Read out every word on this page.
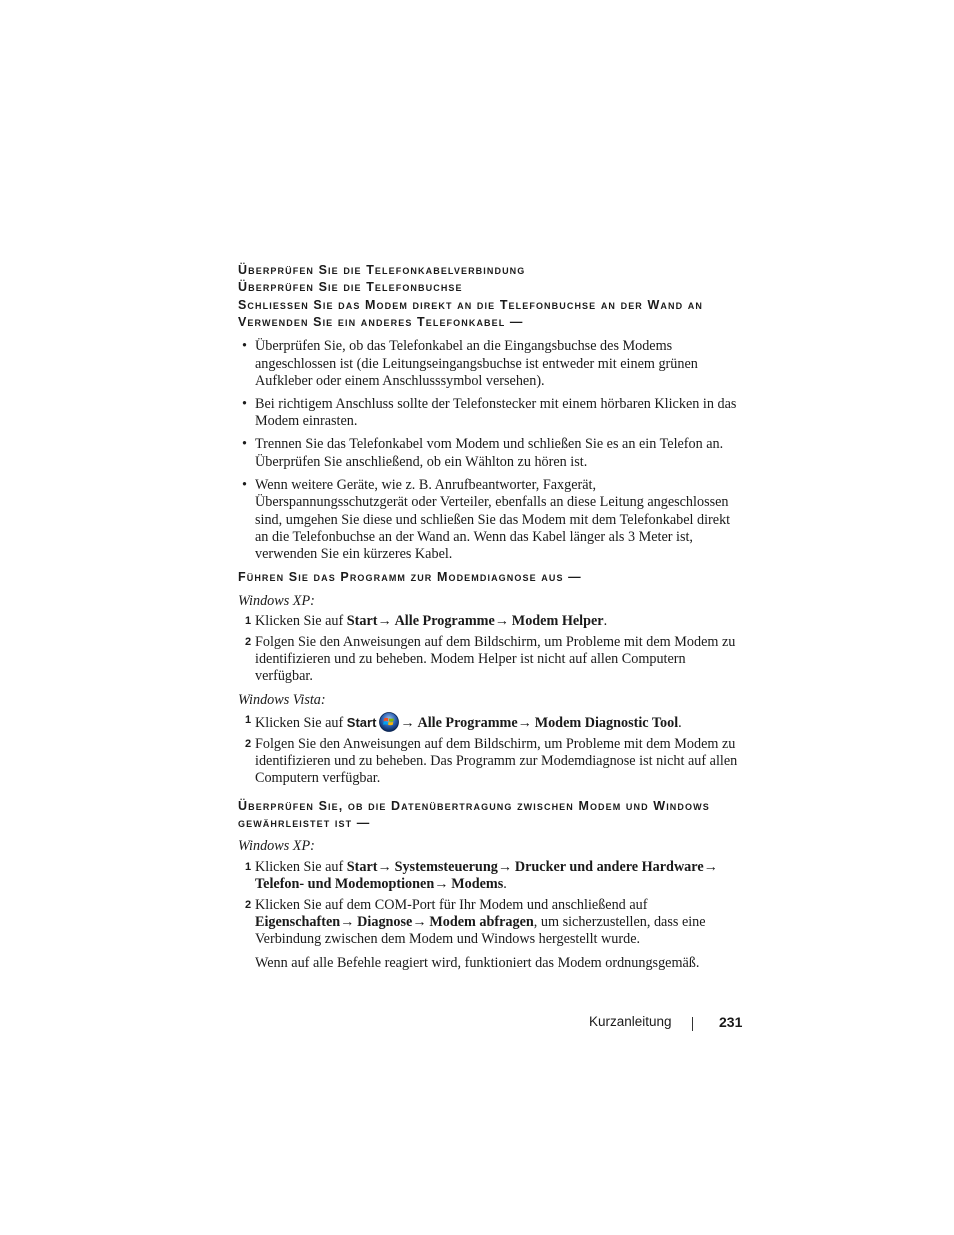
Überprüfen Sie die Telefonkabelverbindung

Überprüfen Sie die Telefonbuchse

Schliessen Sie das Modem direkt an die Telefonbuchse an der Wand an

Verwenden Sie ein anderes Telefonkabel —

• Überprüfen Sie, ob das Telefonkabel an die Eingangsbuchse des Modems angeschlossen ist (die Leitungseingangsbuchse ist entweder mit einem grünen Aufkleber oder einem Anschlusssymbol versehen).
• Bei richtigem Anschluss sollte der Telefonstecker mit einem hörbaren Klicken in das Modem einrasten.
• Trennen Sie das Telefonkabel vom Modem und schließen Sie es an ein Telefon an. Überprüfen Sie anschließend, ob ein Wählton zu hören ist.
• Wenn weitere Geräte, wie z. B. Anrufbeantworter, Faxgerät, Überspannungsschutzgerät oder Verteiler, ebenfalls an diese Leitung angeschlossen sind, umgehen Sie diese und schließen Sie das Modem mit dem Telefonkabel direkt an die Telefonbuchse an der Wand an. Wenn das Kabel länger als 3 Meter ist, verwenden Sie ein kürzeres Kabel.

Führen Sie das Programm zur Modemdiagnose aus —

Windows XP:
1 Klicken Sie auf Start→  Alle Programme→  Modem Helper.
2 Folgen Sie den Anweisungen auf dem Bildschirm, um Probleme mit dem Modem zu identifizieren und zu beheben. Modem Helper ist nicht auf allen Computern verfügbar.
Windows Vista:
1 Klicken Sie auf Start →  Alle Programme→  Modem Diagnostic Tool.
2 Folgen Sie den Anweisungen auf dem Bildschirm, um Probleme mit dem Modem zu identifizieren und zu beheben. Das Programm zur Modemdiagnose ist nicht auf allen Computern verfügbar.

Überprüfen Sie, ob die Datenübertragung zwischen Modem und Windows

gewährleistet ist —

Windows XP:
1 Klicken Sie auf Start→  Systemsteuerung→  Drucker und andere Hardware→ Telefon- und Modemoptionen→  Modems.
2 Klicken Sie auf dem COM-Port für Ihr Modem und anschließend auf Eigenschaften→  Diagnose→  Modem abfragen, um sicherzustellen, dass eine Verbindung zwischen dem Modem und Windows hergestellt wurde.
Wenn auf alle Befehle reagiert wird, funktioniert das Modem ordnungsgemäß.
Kurzanleitung	231
